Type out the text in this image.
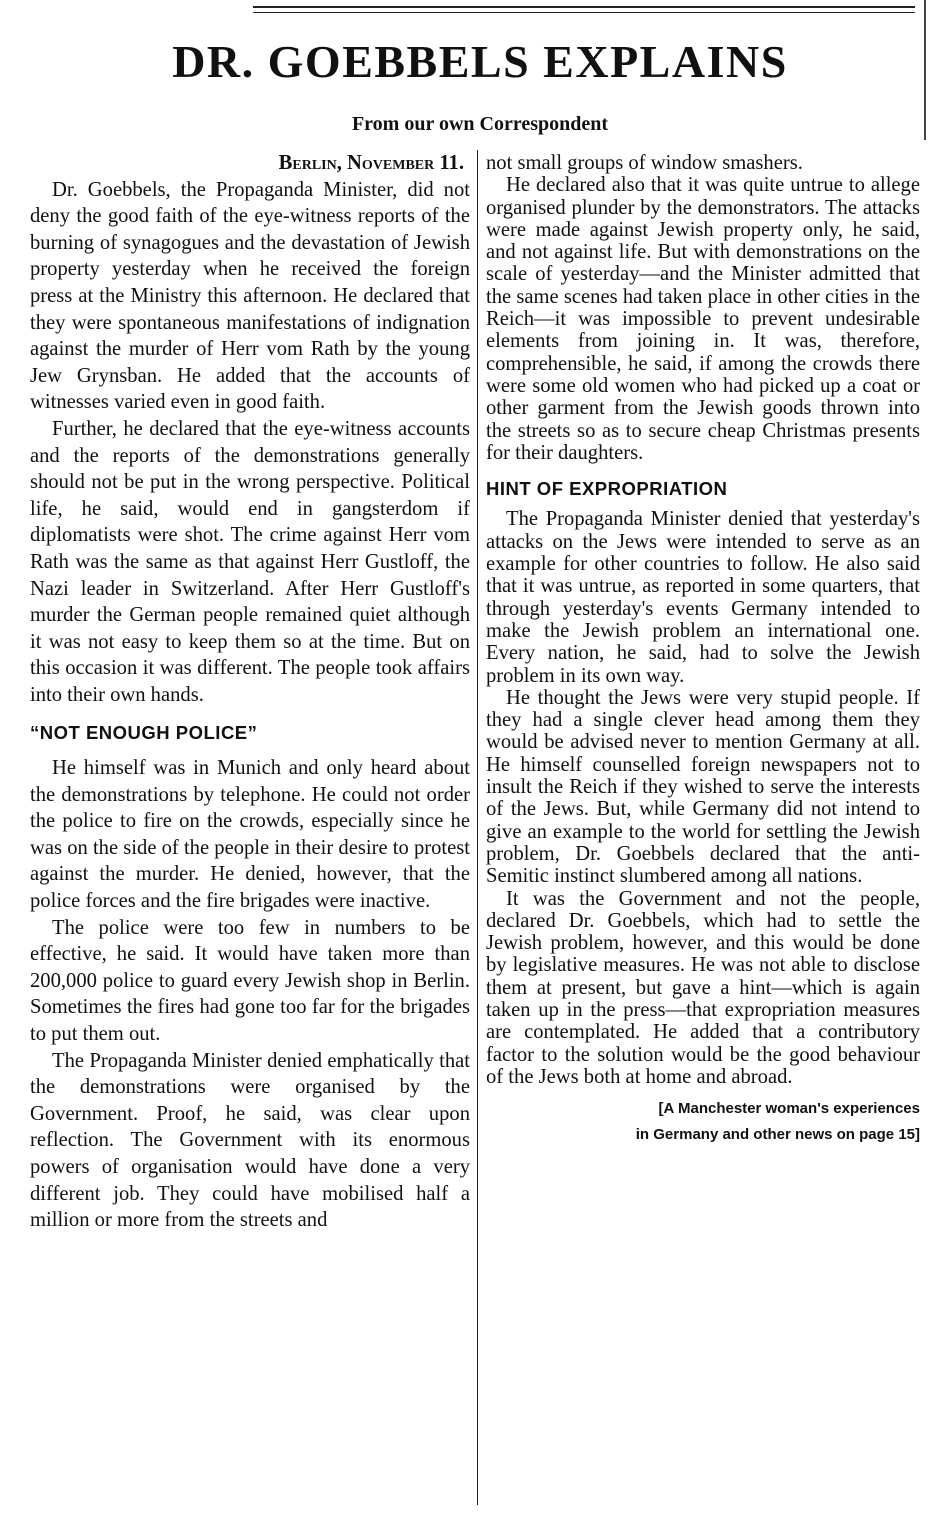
DR. GOEBBELS EXPLAINS
From our own Correspondent
Berlin, November 11.

Dr. Goebbels, the Propaganda Minister, did not deny the good faith of the eye-witness reports of the burning of synagogues and the devastation of Jewish property yesterday when he received the foreign press at the Ministry this afternoon. He declared that they were spontaneous manifestations of indignation against the murder of Herr vom Rath by the young Jew Grynsban. He added that the accounts of witnesses varied even in good faith.

Further, he declared that the eye-witness accounts and the reports of the demonstrations generally should not be put in the wrong perspective. Political life, he said, would end in gangsterdom if diplomatists were shot. The crime against Herr vom Rath was the same as that against Herr Gustloff, the Nazi leader in Switzerland. After Herr Gustloff's murder the German people remained quiet although it was not easy to keep them so at the time. But on this occasion it was different. The people took affairs into their own hands.

“NOT ENOUGH POLICE”

He himself was in Munich and only heard about the demonstrations by telephone. He could not order the police to fire on the crowds, especially since he was on the side of the people in their desire to protest against the murder. He denied, however, that the police forces and the fire brigades were inactive.

The police were too few in numbers to be effective, he said. It would have taken more than 200,000 police to guard every Jewish shop in Berlin. Sometimes the fires had gone too far for the brigades to put them out.

The Propaganda Minister denied emphatically that the demonstrations were organised by the Government. Proof, he said, was clear upon reflection. The Government with its enormous powers of organisation would have done a very different job. They could have mobilised half a million or more from the streets and

not small groups of window smashers.

He declared also that it was quite untrue to allege organised plunder by the demonstrators. The attacks were made against Jewish property only, he said, and not against life. But with demonstrations on the scale of yesterday—and the Minister admitted that the same scenes had taken place in other cities in the Reich—it was impossible to prevent undesirable elements from joining in. It was, therefore, comprehensible, he said, if among the crowds there were some old women who had picked up a coat or other garment from the Jewish goods thrown into the streets so as to secure cheap Christmas presents for their daughters.

HINT OF EXPROPRIATION

The Propaganda Minister denied that yesterday's attacks on the Jews were intended to serve as an example for other countries to follow. He also said that it was untrue, as reported in some quarters, that through yesterday's events Germany intended to make the Jewish problem an international one. Every nation, he said, had to solve the Jewish problem in its own way.

He thought the Jews were very stupid people. If they had a single clever head among them they would be advised never to mention Germany at all. He himself counselled foreign newspapers not to insult the Reich if they wished to serve the interests of the Jews. But, while Germany did not intend to give an example to the world for settling the Jewish problem, Dr. Goebbels declared that the anti-Semitic instinct slumbered among all nations.

It was the Government and not the people, declared Dr. Goebbels, which had to settle the Jewish problem, however, and this would be done by legislative measures. He was not able to disclose them at present, but gave a hint—which is again taken up in the press—that expropriation measures are contemplated. He added that a contributory factor to the solution would be the good behaviour of the Jews both at home and abroad.

[A Manchester woman's experiences
in Germany and other news on page 15]
